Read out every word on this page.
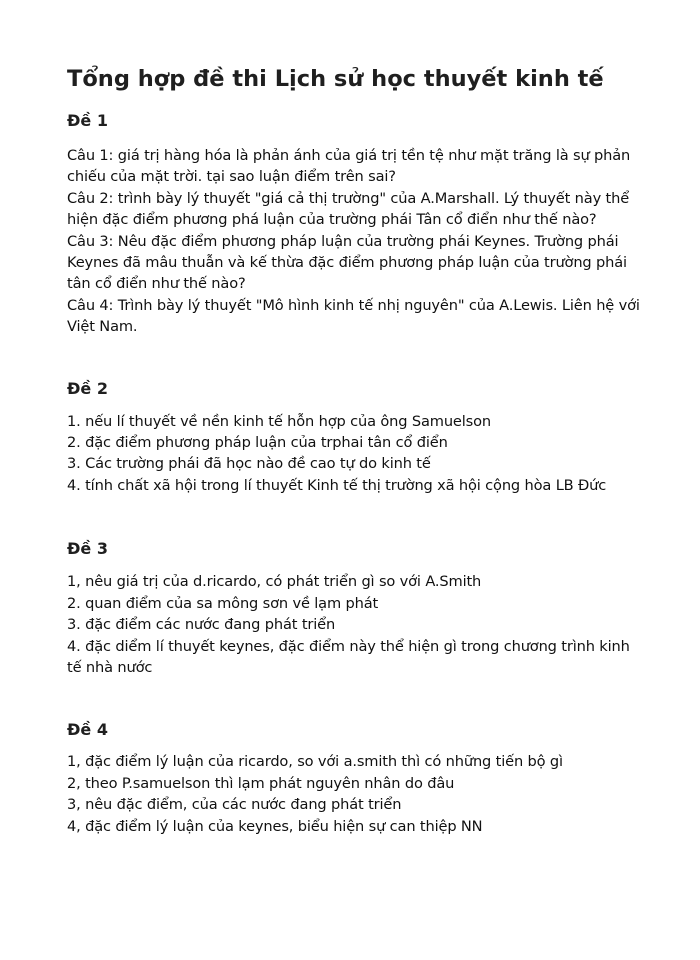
Tổng hợp đề thi Lịch sử học thuyết kinh tế
Đề 1
Câu 1: giá trị hàng hóa là phản ánh của giá trị tền tệ như mặt trăng là sự phản chiếu của mặt trời. tại sao luận điểm trên sai?
Câu 2: trình bày lý thuyết "giá cả thị trường" của A.Marshall. Lý thuyết này thể hiện đặc điểm phương phá luận của trường phái Tân cổ điển như thế nào?
Câu 3: Nêu đặc điểm phương pháp luận của trường phái Keynes. Trường phái Keynes đã mâu thuẫn và kế thừa đặc điểm phương pháp luận của trường phái tân cổ điển như thế nào?
Câu 4: Trình bày lý thuyết "Mô hình kinh tế nhị nguyên" của A.Lewis. Liên hệ với Việt Nam.
Đề 2
1. nếu lí thuyết về nền kinh tế hỗn hợp của ông Samuelson
2. đặc điểm phương pháp luận của trphai tân cổ điển
3. Các trường phái đã học nào đề cao tự do kinh tế
4. tính chất xã hội trong lí thuyết Kinh tế thị trường xã hội cộng hòa LB Đức
Đề 3
1, nêu giá trị của d.ricardo, có phát triển gì so với A.Smith
2. quan điểm của sa mông sơn về lạm phát
3. đặc điểm các nước đang phát triển
4. đặc diểm lí thuyết keynes, đặc điểm này thể hiện gì trong chương trình kinh tế nhà nước
Đề 4
1, đặc điểm lý luận của ricardo, so với a.smith thì có những tiến bộ gì
2, theo P.samuelson thì lạm phát nguyên nhân do đâu
3, nêu đặc điểm, của các nước đang phát triển
4, đặc điểm lý luận của keynes, biểu hiện sự can thiệp NN
